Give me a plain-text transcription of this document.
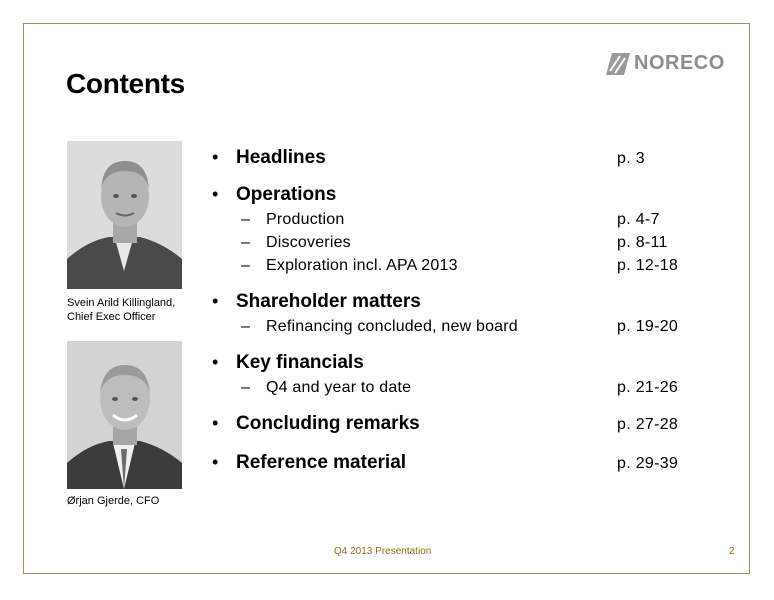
Contents
NORECO
Svein Arild Killingland,
Chief Exec Officer
Ørjan Gjerde, CFO
• Headlines	p. 3
• Operations
–	Production	p. 4-7
–	Discoveries	p. 8-11
–	Exploration incl. APA 2013	p. 12-18
• Shareholder matters
–	Refinancing concluded, new board	p. 19-20
• Key financials
–	Q4 and year to date	p. 21-26
• Concluding remarks	p. 27-28
• Reference material	p. 29-39
Q4 2013 Presentation	2
